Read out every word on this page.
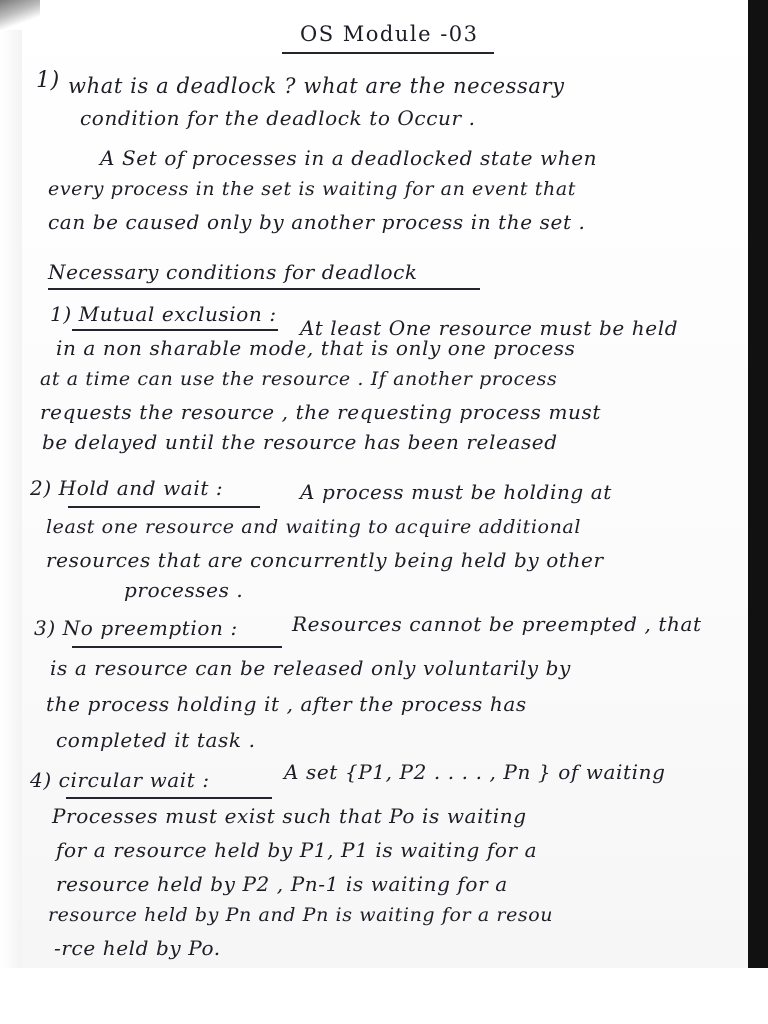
OS Module -03
1) what is a deadlock ? what are the necessary
condition for the deadlock to Occur .
A Set of processes in a deadlocked state when
every process in the set is waiting for an event that
can be caused only by another process in the set .
Necessary conditions for deadlock
1) Mutual exclusion :
At least One resource must be held
in a non sharable mode, that is only one process
at a time can use the resource . If another process
requests the resource , the requesting process must
be delayed until the resource has been released
2) Hold and wait :	A process must be holding at
least one resource and waiting to acquire additional
resources that are concurrently being held by other
processes .
3) No preemption :	Resources cannot be preempted , that
is a resource can be released only voluntarily by
the process holding it , after the process has
completed it task .
4) circular wait :	A set {P1, P2 . . . . , Pn } of waiting
Processes must exist such that Po is waiting
for a resource held by P1, P1 is waiting for a
resource held by P2 , Pn-1 is waiting for a
resource held by Pn and Pn is waiting for a resou
-rce held by Po.
